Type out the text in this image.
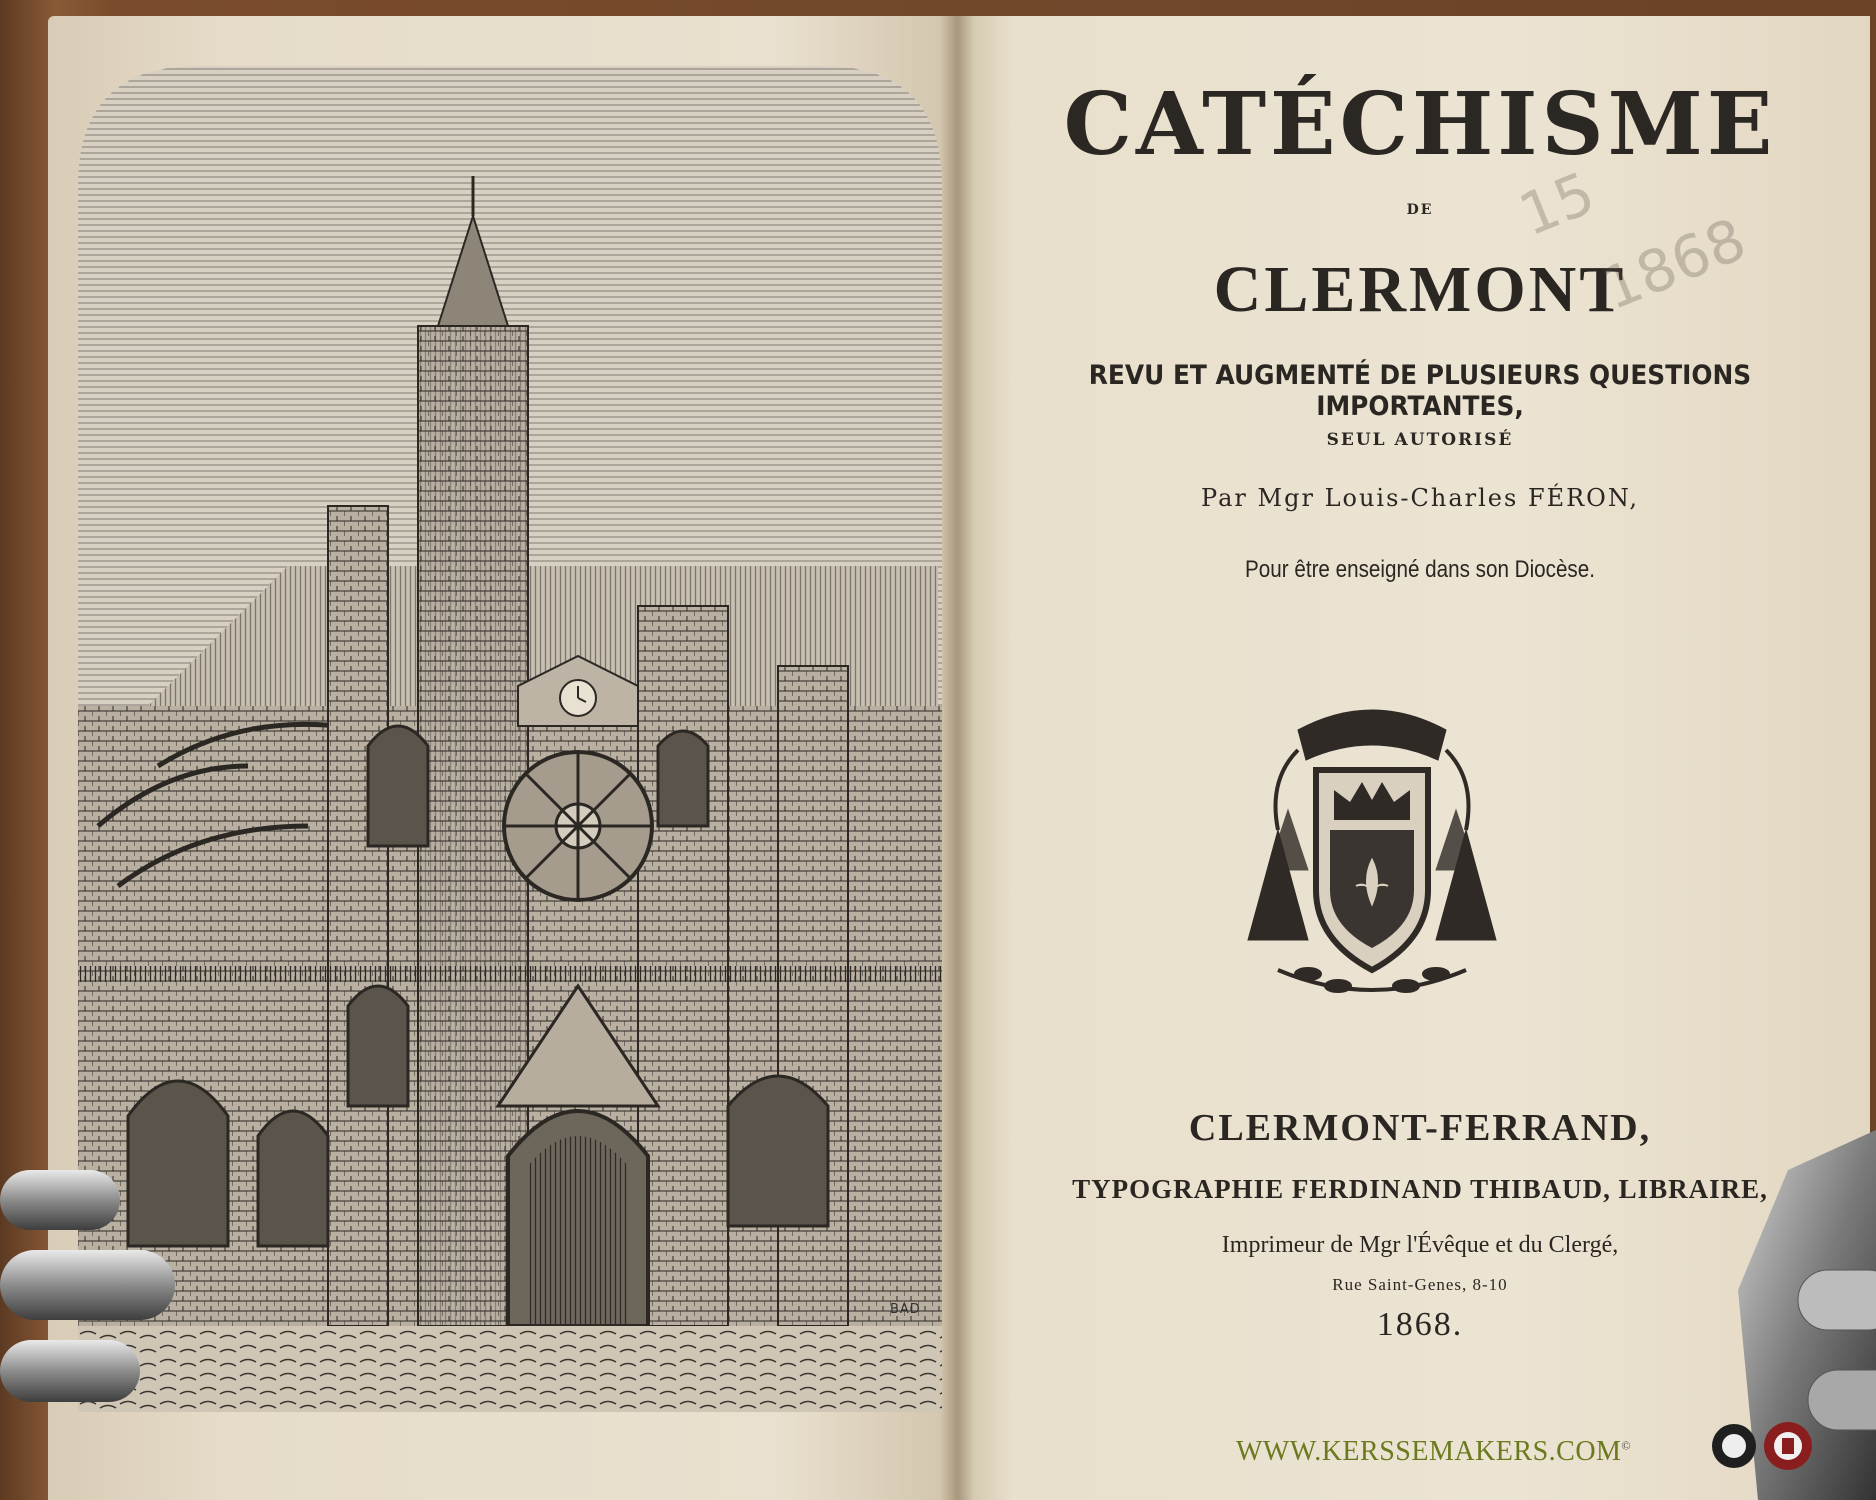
BAD
CATÉCHISME
DE
CLERMONT
REVU ET AUGMENTÉ DE PLUSIEURS QUESTIONS IMPORTANTES,
SEUL AUTORISÉ
Par Mgr Louis-Charles FÉRON,
Pour être enseigné dans son Diocèse.
CLERMONT-FERRAND,
TYPOGRAPHIE FERDINAND THIBAUD, LIBRAIRE,
Imprimeur de Mgr l'Évêque et du Clergé,
Rue Saint-Genes, 8-10
1868.
15
1868
WWW.KERSSEMAKERS.COM©
